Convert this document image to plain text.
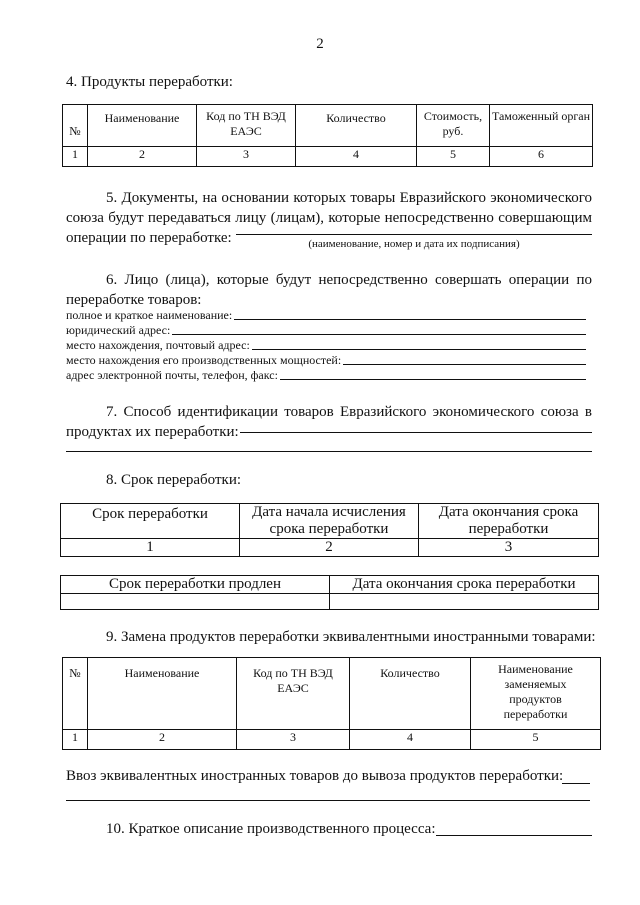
2
4. Продукты переработки:
№	Наименование	Код по ТН ВЭД ЕАЭС	Количество	Стоимость, руб.	Таможенный орган
1	2	3	4	5	6
5. Документы, на основании которых товары Евразийского экономического союза будут передаваться лицу (лицам), которые непосредственно совершающим операции по переработке:	(наименование, номер и дата их подписания)
6. Лицо (лица), которые будут непосредственно совершать операции по переработке товаров:
полное и краткое наименование:
юридический адрес:
место нахождения, почтовый адрес:
место нахождения его производственных мощностей:
адрес электронной почты, телефон, факс:
7. Способ идентификации товаров Евразийского экономического союза в продуктах их переработки:
8. Срок переработки:
Срок переработки	Дата начала исчисления срока переработки	Дата окончания срока переработки
1	2	3
Срок переработки продлен	Дата окончания срока переработки

9. Замена продуктов переработки эквивалентными иностранными товарами:
№	Наименование	Код по ТН ВЭД ЕАЭС	Количество	Наименование заменяемых продуктов переработки
1	2	3	4	5
Ввоз эквивалентных иностранных товаров до вывоза продуктов переработки:
10. Краткое описание производственного процесса:
